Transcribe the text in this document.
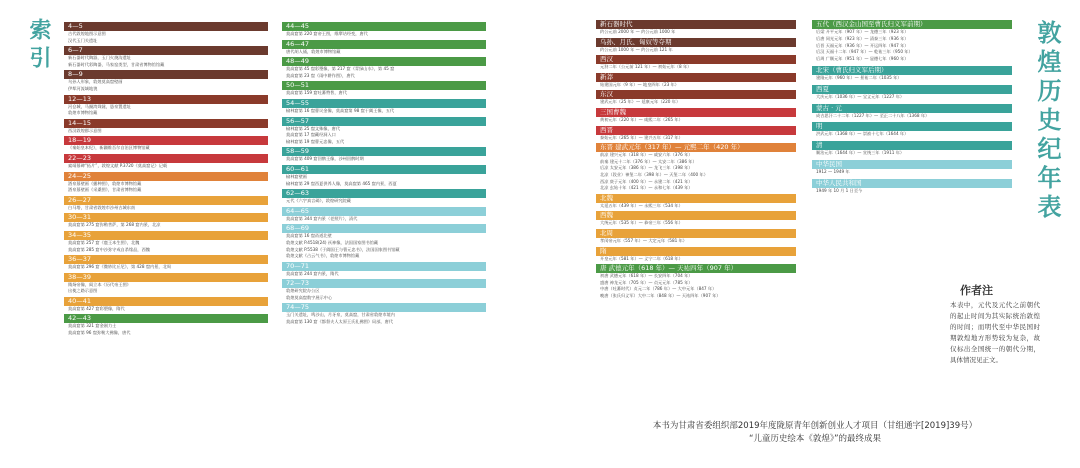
索引	4—5
古代敦煌地图示意图
汉代玉门关遗址
6—7
新石器时代陶器，玉门火烧沟遗址
新石器时代彩陶器，马家窑类型，甘肃省博物馆馆藏
8—9
乌孙人形象，敦煌莫高窟壁画
伊犁河流域地貌
12—13
河仓城，马圈湾烽燧，悬泉置遗址
敦煌市博物馆藏
14—15
西汉敦煌郡示意图
18—19
《秦始皇本纪》，新疆维吾尔自治区博物馆藏
22—23
索靖墓碑“拓片”，敦煌文献 P.3720《莫高窟记》记载
24—25
酒泉墓壁画《播种图》，敦煌市博物馆藏
酒泉墓壁画《采桑图》，甘肃省博物馆藏
26—27
白马塔，甘肃省敦煌市沙州古城东南
30—31
莫高窟第 275 窟弥勒菩萨，第 268 窟内景，北凉
34—35
莫高窟第 257 窟《鹿王本生图》，北魏
莫高窟第 285 窟中沙弥守戒自杀缘品，西魏
36—37
莫高窟第 296 窟《微妙比丘尼》，第 428 窟内景，北周
38—39
隋炀帝像，阎立本《历代帝王图》
出使之路示意图
40—41
莫高窟第 427 窟彩塑像，隋代
42—43
莫高窟第 321 窟金刚力士
莫高窟第 96 窟弥勒大佛像，唐代
44—45
莫高窟第 220 窟帝王图，维摩诘经变，唐代
46—47
唐代胡人俑，敦煌市博物馆藏
48—49
莫高窟第 45 窟彩塑像，第 217 窟《青绿山水》，第 45 窟
莫高窟第 23 窟《雨中耕作图》，唐代
50—51
莫高窟第 159 窟吐蕃赞普，唐代
54—55
榆林窟第 16 窟曹议金像，莫高窟第 98 窟于阗王像，五代
56—57
榆林窟第 25 窟文殊像，唐代
莫高窟第 17 窟藏经洞入口
榆林窟第 19 窟曹元忠像，五代
58—59
莫高窟第 409 窟回鹘王像，沙州回鹘时期
60—61
榆林窟壁画
榆林窟第 29 窟西夏供养人像，莫高窟第 465 窟内景，西夏
62—63
元代《六字真言碣》，敦煌研究院藏
64—65
莫高窟第 344 窟内景（老照片），清代
68—69
莫高窟第 16 窟甬道北壁
敦煌文献 P.4518(24) 祆神像，法国国家图书馆藏
敦煌文献 P.5538《于阗国王与曹元忠书》，法国国家图书馆藏
敦煌文献《占云气书》，敦煌市博物馆藏
70—71
莫高窟第 244 窟内景，隋代
72—73
敦煌研究院办公区
敦煌莫高窟数字展示中心
74—75
玉门关遗址，鸣沙山，月牙泉，莫高窟，甘肃省敦煌市境内
莫高窟第 130 窟《都督夫人太原王氏礼佛图》局部，唐代
新石器时代
约公元前 2000 年 — 约公元前 1000 年
乌孙、月氏、匈奴等夺期
约公元前 1000 年 — 约公元前 121 年
西汉
元狩二年（公元前 121 年）— 初始元年（8 年）
新莽
始建国元年（9 年）— 地皇四年（23 年）
东汉
建武元年（25 年）— 延康元年（220 年）
三国曹魏
黄初元年（220 年）— 咸熙二年（265 年）
西晋
泰始元年（265 年）— 建兴五年（317 年）
东晋 建武元年（317 年）— 元熙二年（420 年）
前凉 建兴元年（318 年）— 咸安六年（376 年）
前秦 建元十二年（376 年）— 太安二年（386 年）
后凉 太安元年（386 年）— 龙飞三年（398 年）
北凉（段业）神玺二年（398 年）— 天玺二年（400 年）
西凉 庚子元年（400 年）— 永建二年（421 年）
北凉 玄始十年（421 年）— 永和七年（439 年）
北魏
太延五年（439 年）— 永熙三年（534 年）
西魏
大统元年（535 年）— 恭帝三年（556 年）
北周
孝闵帝元年（557 年）— 大定元年（581 年）
隋
开皇元年（581 年）— 义宁二年（618 年）
唐 武德元年（618 年）— 天祐四年（907 年）
初唐 武德元年（618 年）— 长安四年（704 年）
盛唐 神龙元年（705 年）— 贞元元年（785 年）
中唐（吐蕃时代）贞元二年（786 年）— 大中元年（847 年）
晚唐（张氏归义军）大中二年（848 年）— 天祐四年（907 年）
五代（西汉金山国至曹氏归义军前期）
后梁 开平元年（907 年）— 龙德三年（923 年）
后唐 同光元年（923 年）— 清泰三年（936 年）
后晋 天福元年（936 年）— 开运四年（947 年）
后汉 天福十二年（947 年）— 乾祐三年（950 年）
后周 广顺元年（951 年）— 显德七年（960 年）
北宋（曹氏归义军后期）
建隆元年（960 年）— 景祐二年（1035 年）
西夏
大庆元年（1036 年）— 宝义元年（1227 年）
蒙古 · 元
成吉思汗二十二年（1227 年）— 至正二十八年（1368 年）
明
洪武元年（1368 年）— 崇祯十七年（1644 年）
清
顺治元年（1644 年）— 宣统三年（1911 年）
中华民国
1912 — 1949 年
中华人民共和国
1949 年 10 月 1 日至今	敦煌历史纪年表
作者注
本表中，元代及元代之前朝代的起止时间为其实际统治敦煌的时间；而明代至中华民国时期敦煌地方形势较为复杂，故仅标出全国统一的朝代分期，具体情况见正文。
本书为甘肃省委组织部2019年度陇原青年创新创业人才项目（甘组通字[2019]39号）
“儿童历史绘本《敦煌》”的最终成果
